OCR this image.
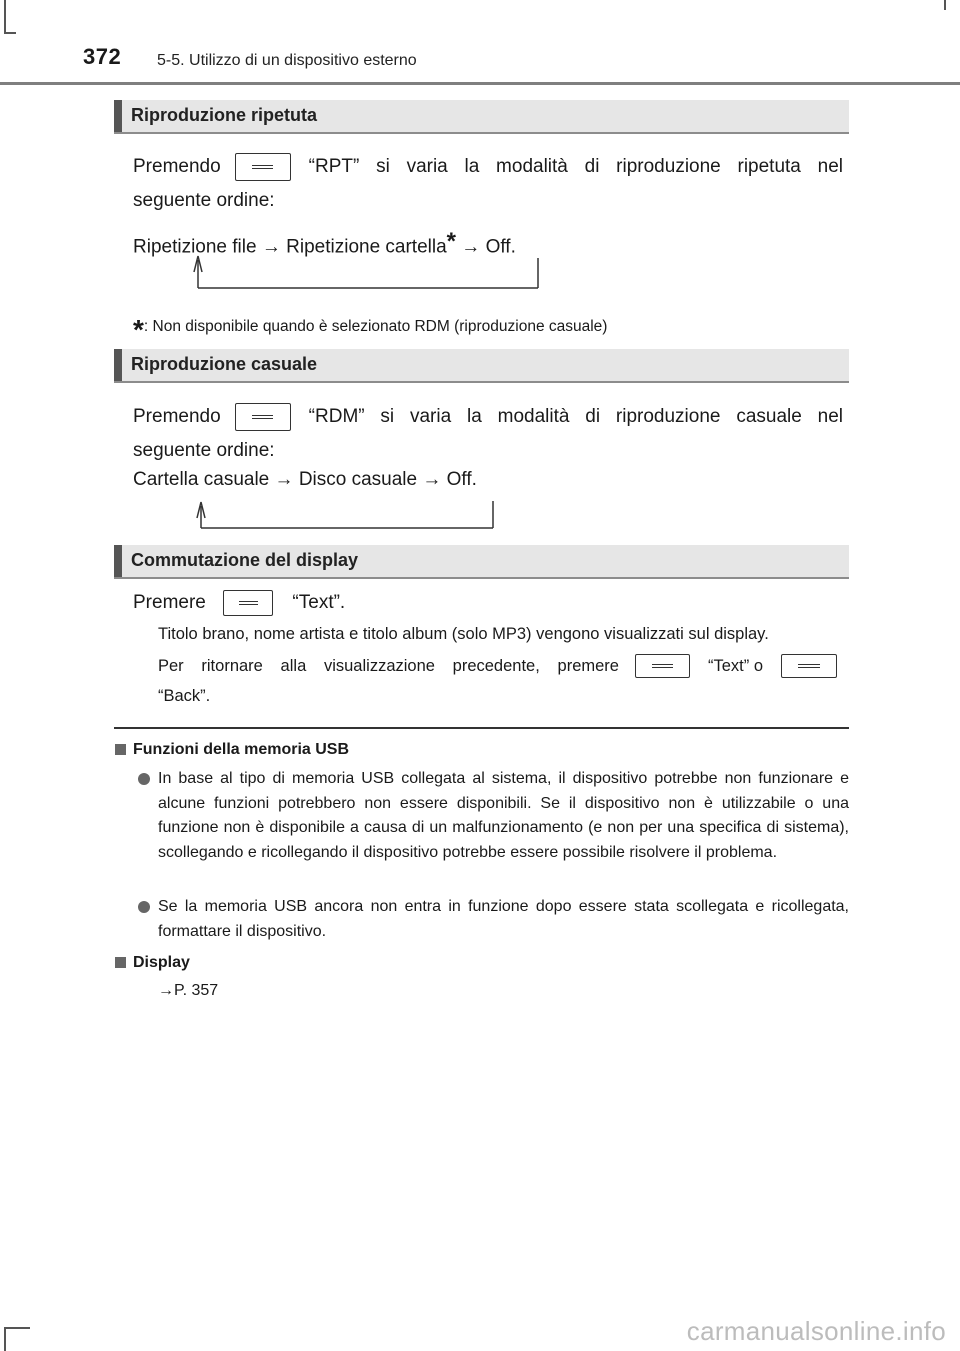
372 5-5. Utilizzo di un dispositivo esterno
Riproduzione ripetuta
Premendo	“RPT” si varia la modalità di riproduzione ripetuta nel
seguente ordine:
Ripetizione file → Ripetizione cartella* → Off.
*: Non disponibile quando è selezionato RDM (riproduzione casuale)
Riproduzione casuale
Premendo	“RDM” si varia la modalità di riproduzione casuale nel
seguente ordine:
Cartella casuale → Disco casuale → Off.
Commutazione del display
Premere	“Text”.
Titolo brano, nome artista e titolo album (solo MP3) vengono visualizzati sul display.
Per ritornare alla visualizzazione precedente, premere	“Text” o
“Back”.
Funzioni della memoria USB
In base al tipo di memoria USB collegata al sistema, il dispositivo potrebbe non funzionare e alcune funzioni potrebbero non essere disponibili. Se il dispositivo non è utilizzabile o una funzione non è disponibile a causa di un malfunzionamento (e non per una specifica di sistema), scollegando e ricollegando il dispositivo potrebbe essere possibile risolvere il problema.
Se la memoria USB ancora non entra in funzione dopo essere stata scollegata e ricollegata, formattare il dispositivo.
Display
→P. 357
carmanualsonline.info
